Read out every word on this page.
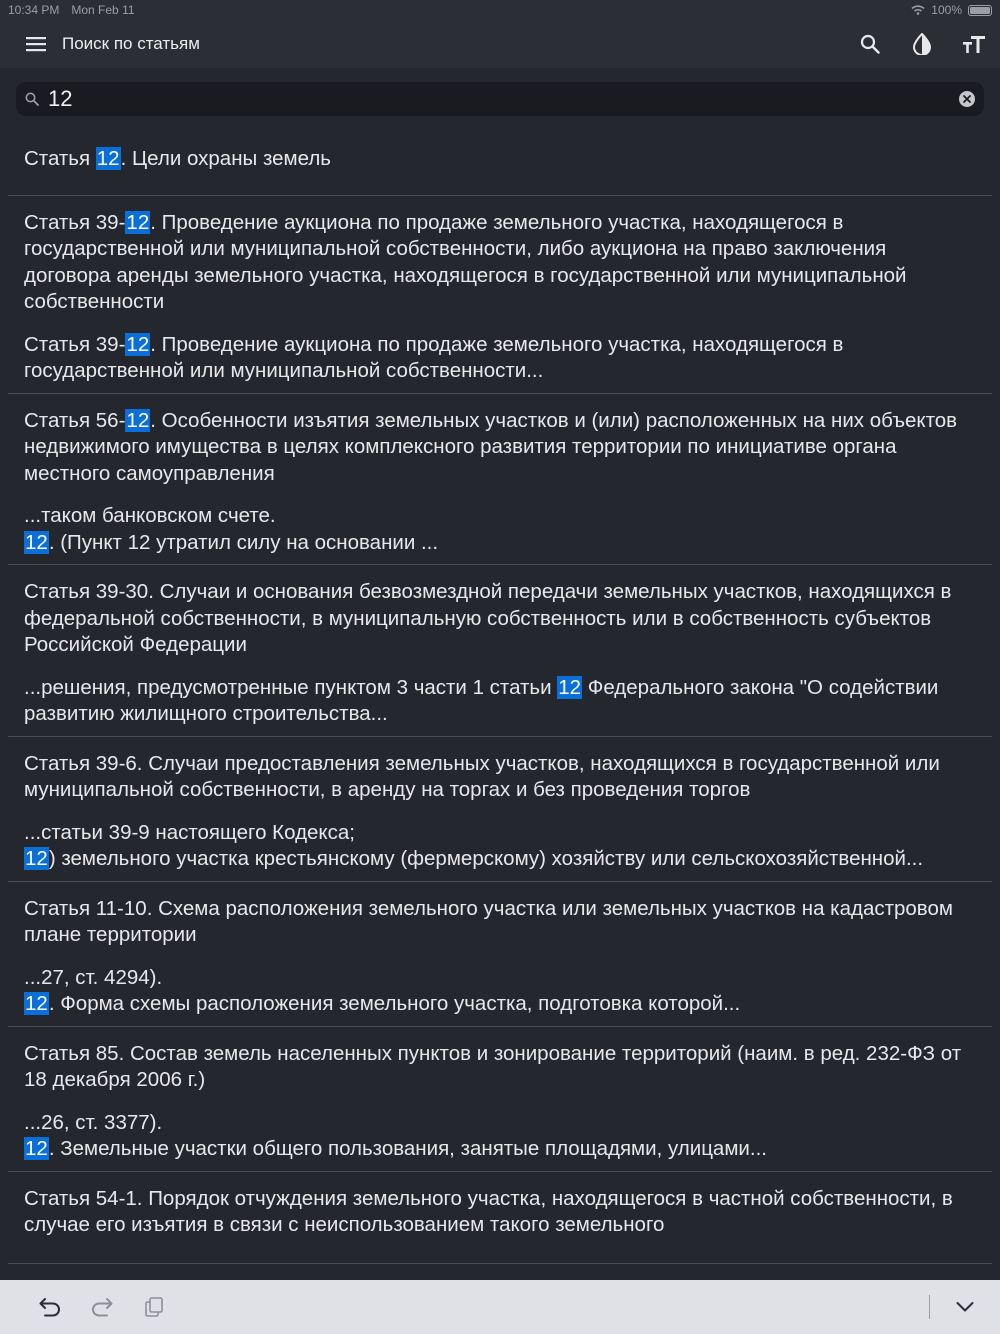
10:34 PM Mon Feb 11	100%
Поиск по статьям
12
Статья 12. Цели охраны земель
Статья 39-12. Проведение аукциона по продаже земельного участка, находящегося в государственной или муниципальной собственности, либо аукциона на право заключения договора аренды земельного участка, находящегося в государственной или муниципальной собственности
Статья 39-12. Проведение аукциона по продаже земельного участка, находящегося в государственной или муниципальной собственности...
Статья 56-12. Особенности изъятия земельных участков и (или) расположенных на них объектов недвижимого имущества в целях комплексного развития территории по инициативе органа местного самоуправления
...таком банковском счете.
12. (Пункт 12 утратил силу на основании ...
Статья 39-30. Случаи и основания безвозмездной передачи земельных участков, находящихся в федеральной собственности, в муниципальную собственность или в собственность субъектов Российской Федерации
...решения, предусмотренные пунктом 3 части 1 статьи 12 Федерального закона "О содействии развитию жилищного строительства...
Статья 39-6. Случаи предоставления земельных участков, находящихся в государственной или муниципальной собственности, в аренду на торгах и без проведения торгов
...статьи 39-9 настоящего Кодекса;
12) земельного участка крестьянскому (фермерскому) хозяйству или сельскохозяйственной...
Статья 11-10. Схема расположения земельного участка или земельных участков на кадастровом плане территории
...27, ст. 4294).
12. Форма схемы расположения земельного участка, подготовка которой...
Статья 85. Состав земель населенных пунктов и зонирование территорий (наим. в ред. 232-ФЗ от 18 декабря 2006 г.)
...26, ст. 3377).
12. Земельные участки общего пользования, занятые площадями, улицами...
Статья 54-1. Порядок отчуждения земельного участка, находящегося в частной собственности, в случае его изъятия в связи с неиспользованием такого земельного
